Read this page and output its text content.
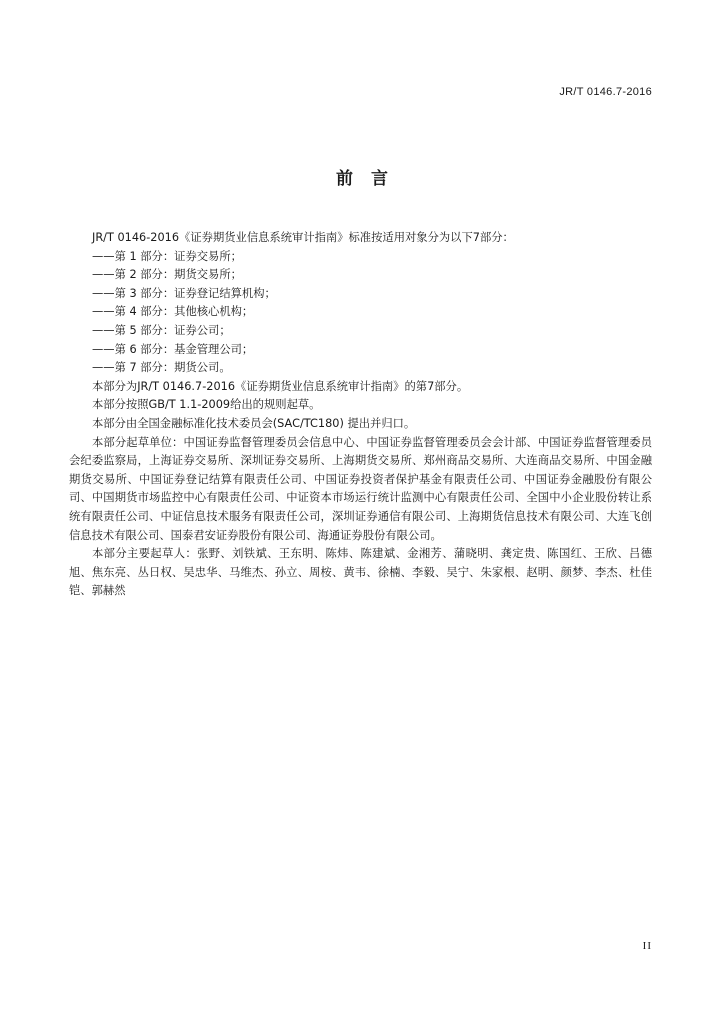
JR/T 0146.7-2016
前言

JR/T 0146-2016《证券期货业信息系统审计指南》标准按适用对象分为以下7部分：

——第 1 部分：证券交易所；

——第 2 部分：期货交易所；

——第 3 部分：证券登记结算机构；

——第 4 部分：其他核心机构；

——第 5 部分：证券公司；

——第 6 部分：基金管理公司；

——第 7 部分：期货公司。

本部分为JR/T 0146.7-2016《证券期货业信息系统审计指南》的第7部分。

本部分按照GB/T 1.1-2009给出的规则起草。

本部分由全国金融标准化技术委员会(SAC/TC180) 提出并归口。

本部分起草单位：中国证券监督管理委员会信息中心、中国证券监督管理委员会会计部、中国证券监督管理委员会纪委监察局，上海证券交易所、深圳证券交易所、上海期货交易所、郑州商品交易所、大连商品交易所、中国金融期货交易所、中国证券登记结算有限责任公司、中国证券投资者保护基金有限责任公司、中国证券金融股份有限公司、中国期货市场监控中心有限责任公司、中证资本市场运行统计监测中心有限责任公司、全国中小企业股份转让系统有限责任公司、中证信息技术服务有限责任公司，深圳证券通信有限公司、上海期货信息技术有限公司、大连飞创信息技术有限公司、国泰君安证券股份有限公司、海通证券股份有限公司。

本部分主要起草人：张野、刘铁斌、王东明、陈炜、陈建斌、金湘芳、蒲晓明、龚定贵、陈国红、王欣、吕德旭、焦东亮、丛日权、吴忠华、马维杰、孙立、周桉、黄韦、徐楠、李毅、吴宁、朱家根、赵明、颜梦、李杰、杜佳铠、郭赫然

II
